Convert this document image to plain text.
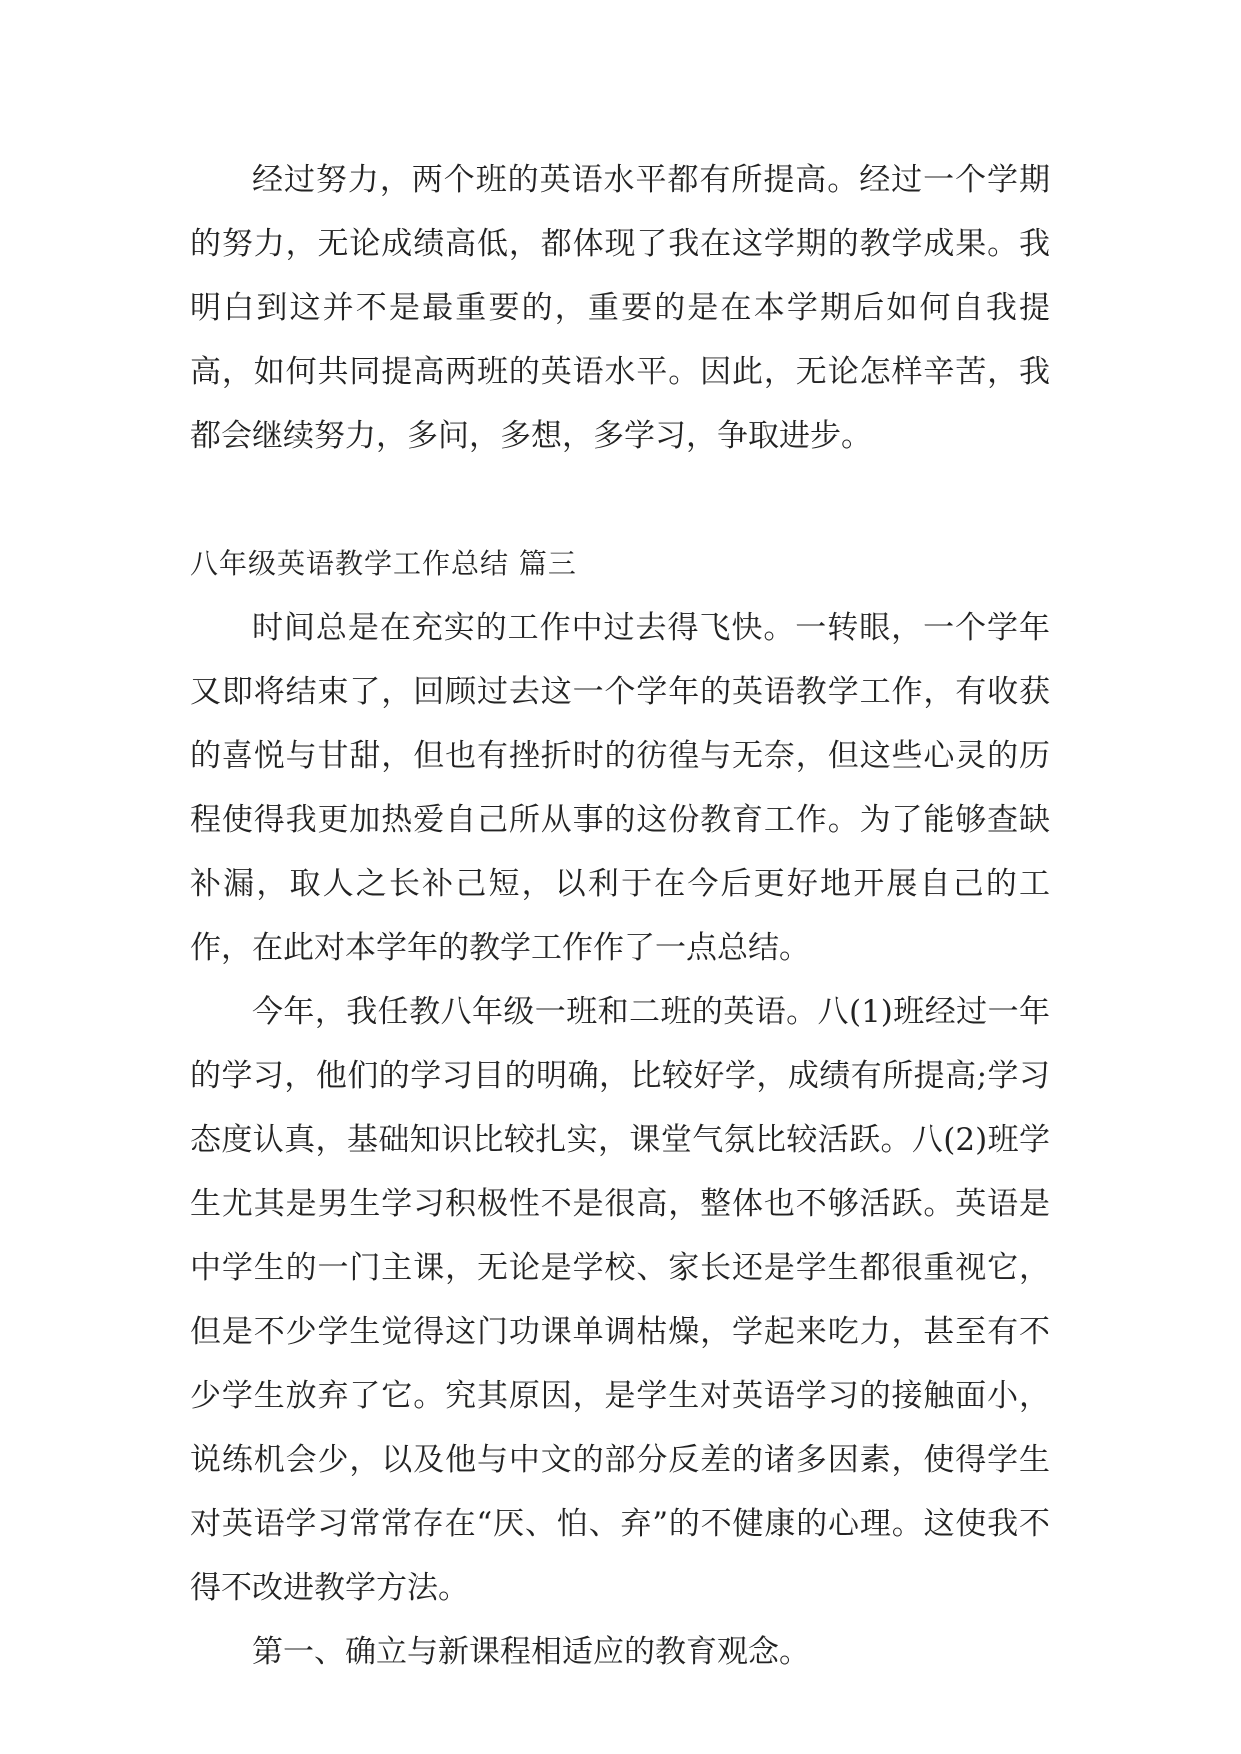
经过努力，两个班的英语水平都有所提高。经过一个学期的努力，无论成绩高低，都体现了我在这学期的教学成果。我明白到这并不是最重要的，重要的是在本学期后如何自我提高，如何共同提高两班的英语水平。因此，无论怎样辛苦，我都会继续努力，多问，多想，多学习，争取进步。

八年级英语教学工作总结 篇三

时间总是在充实的工作中过去得飞快。一转眼，一个学年又即将结束了，回顾过去这一个学年的英语教学工作，有收获的喜悦与甘甜，但也有挫折时的彷徨与无奈，但这些心灵的历程使得我更加热爱自己所从事的这份教育工作。为了能够查缺补漏，取人之长补己短，以利于在今后更好地开展自己的工作，在此对本学年的教学工作作了一点总结。

今年，我任教八年级一班和二班的英语。八(1)班经过一年的学习，他们的学习目的明确，比较好学，成绩有所提高;学习态度认真，基础知识比较扎实，课堂气氛比较活跃。八(2)班学生尤其是男生学习积极性不是很高，整体也不够活跃。英语是中学生的一门主课，无论是学校、家长还是学生都很重视它，但是不少学生觉得这门功课单调枯燥，学起来吃力，甚至有不少学生放弃了它。究其原因，是学生对英语学习的接触面小，说练机会少，以及他与中文的部分反差的诸多因素，使得学生对英语学习常常存在“厌、怕、弃”的不健康的心理。这使我不得不改进教学方法。

第一、确立与新课程相适应的教育观念。
